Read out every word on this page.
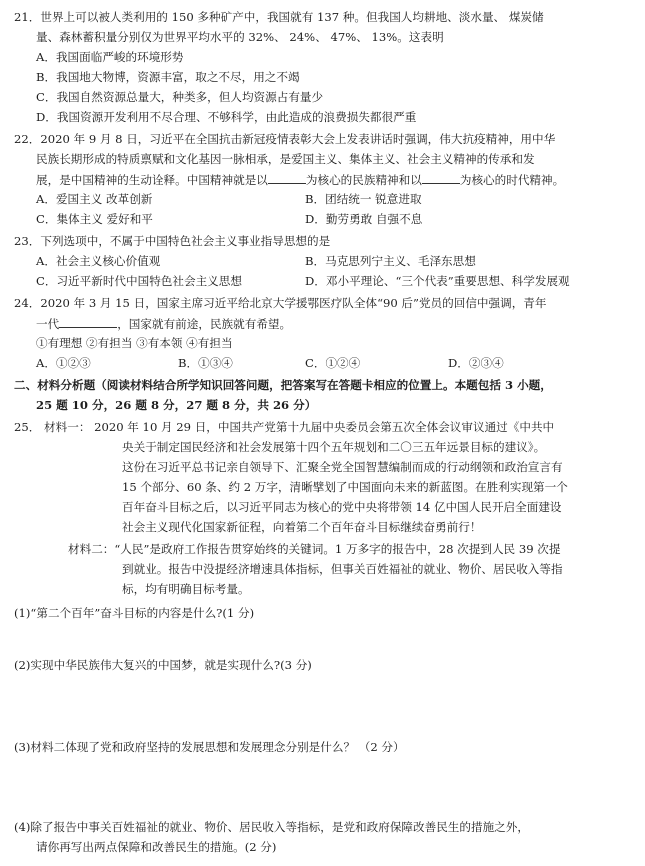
21．世界上可以被人类利用的 150 多种矿产中，我国就有 137 种。但我国人均耕地、淡水量、 煤炭储
量、森林蓄积量分别仅为世界平均水平的 32%、 24%、 47%、 13%。这表明
A．我国面临严峻的环境形势
B．我国地大物博，资源丰富，取之不尽，用之不竭
C．我国自然资源总量大，种类多，但人均资源占有量少
D．我国资源开发利用不尽合理、不够科学，由此造成的浪费损失都很严重
22．2020 年 9 月 8 日，习近平在全国抗击新冠疫情表彰大会上发表讲话时强调，伟大抗疫精神，用中华
民族长期形成的特质禀赋和文化基因一脉相承，是爱国主义、集体主义、社会主义精神的传承和发
展，是中国精神的生动诠释。中国精神就是以	为核心的民族精神和以	为核心的时代精神。
A．爱国主义 改革创新	B．团结统一 锐意进取
C．集体主义 爱好和平	D．勤劳勇敢 自强不息
23．下列选项中，不属于中国特色社会主义事业指导思想的是
A．社会主义核心价值观	B．马克思列宁主义、毛泽东思想
C．习近平新时代中国特色社会主义思想	D．邓小平理论、“三个代表”重要思想、科学发展观
24．2020 年 3 月 15 日，国家主席习近平给北京大学援鄂医疗队全体“90 后”党员的回信中强调，青年
一代	，国家就有前途，民族就有希望。
①有理想 ②有担当 ③有本领 ④有担当
A．①②③	B．①③④	C．①②④	D．②③④
二、材料分析题（阅读材料结合所学知识回答问题，把答案写在答题卡相应的位置上。本题包括 3 小题，
25 题 10 分，26 题 8 分，27 题 8 分，共 26 分）
25． 材料一： 2020 年 10 月 29 日，中国共产党第十九届中央委员会第五次全体会议审议通过《中共中
央关于制定国民经济和社会发展第十四个五年规划和二〇三五年远景目标的建议》。
这份在习近平总书记亲自领导下、汇聚全党全国智慧编制而成的行动纲领和政治宣言有
15 个部分、60 条、约 2 万字，清晰擘划了中国面向未来的新蓝图。在胜利实现第一个
百年奋斗目标之后，以习近平同志为核心的党中央将带领 14 亿中国人民开启全面建设
社会主义现代化国家新征程，向着第二个百年奋斗目标继续奋勇前行！
材料二：“人民”是政府工作报告贯穿始终的关键词。1 万多字的报告中，28 次提到人民 39 次提
到就业。报告中没提经济增速具体指标，但事关百姓福祉的就业、物价、居民收入等指
标，均有明确目标考量。
(1)“第二个百年”奋斗目标的内容是什么?(1 分)
(2)实现中华民族伟大复兴的中国梦，就是实现什么?(3 分)
(3)材料二体现了党和政府坚持的发展思想和发展理念分别是什么？ （2 分）
(4)除了报告中事关百姓福祉的就业、物价、居民收入等指标，是党和政府保障改善民生的措施之外，
请你再写出两点保障和改善民生的措施。(2 分)
